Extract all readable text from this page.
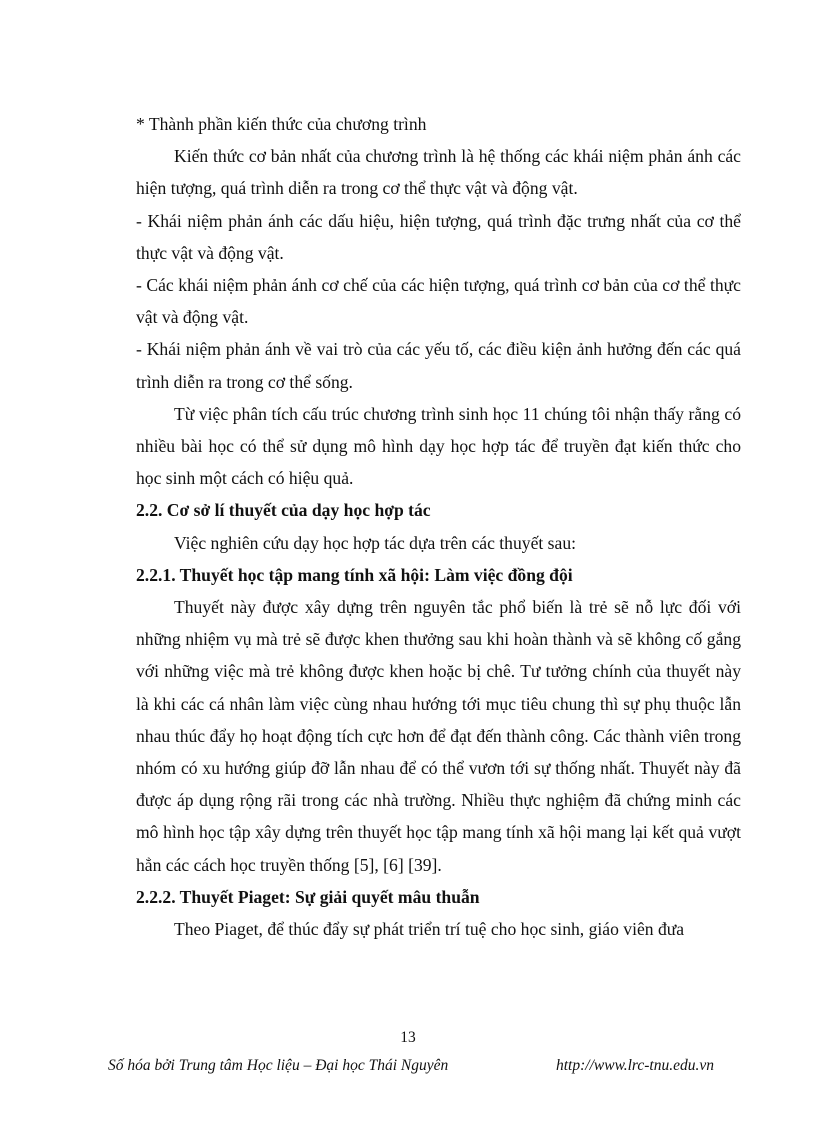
* Thành phần kiến thức của chương trình

Kiến thức cơ bản nhất của chương trình là hệ thống các khái niệm phản ánh các hiện tượng, quá trình diễn ra trong cơ thể thực vật và động vật.

- Khái niệm phản ánh các dấu hiệu, hiện tượng, quá trình đặc trưng nhất của cơ thể thực vật và động vật.

- Các khái niệm phản ánh cơ chế của các hiện tượng, quá trình cơ bản của cơ thể thực vật và động vật.

- Khái niệm phản ánh về vai trò của các yếu tố, các điều kiện ảnh hưởng đến các quá trình diễn ra trong cơ thể sống.

Từ việc phân tích cấu trúc chương trình sinh học 11 chúng tôi nhận thấy rằng có nhiều bài học có thể sử dụng mô hình dạy học hợp tác để truyền đạt kiến thức cho học sinh một cách có hiệu quả.

2.2. Cơ sở lí thuyết của dạy học hợp tác

Việc nghiên cứu dạy học hợp tác dựa trên các thuyết sau:

2.2.1. Thuyết học tập mang tính xã hội: Làm việc đồng đội

Thuyết này được xây dựng trên nguyên tắc phổ biến là trẻ sẽ nỗ lực đối với những nhiệm vụ mà trẻ sẽ được khen thưởng sau khi hoàn thành và sẽ không cố gắng với những việc mà trẻ không được khen hoặc bị chê. Tư tưởng chính của thuyết này là khi các cá nhân làm việc cùng nhau hướng tới mục tiêu chung thì sự phụ thuộc lẫn nhau thúc đẩy họ hoạt động tích cực hơn để đạt đến thành công. Các thành viên trong nhóm có xu hướng giúp đỡ lẫn nhau để có thể vươn tới sự thống nhất. Thuyết này đã được áp dụng rộng rãi trong các nhà trường. Nhiều thực nghiệm đã chứng minh các mô hình học tập xây dựng trên thuyết học tập mang tính xã hội mang lại kết quả vượt hẳn các cách học truyền thống [5], [6] [39].

2.2.2. Thuyết Piaget: Sự giải quyết mâu thuẫn

Theo Piaget, để thúc đẩy sự phát triển trí tuệ cho học sinh, giáo viên đưa

13
Số hóa bởi Trung tâm Học liệu – Đại học Thái Nguyên	http://www.lrc-tnu.edu.vn
